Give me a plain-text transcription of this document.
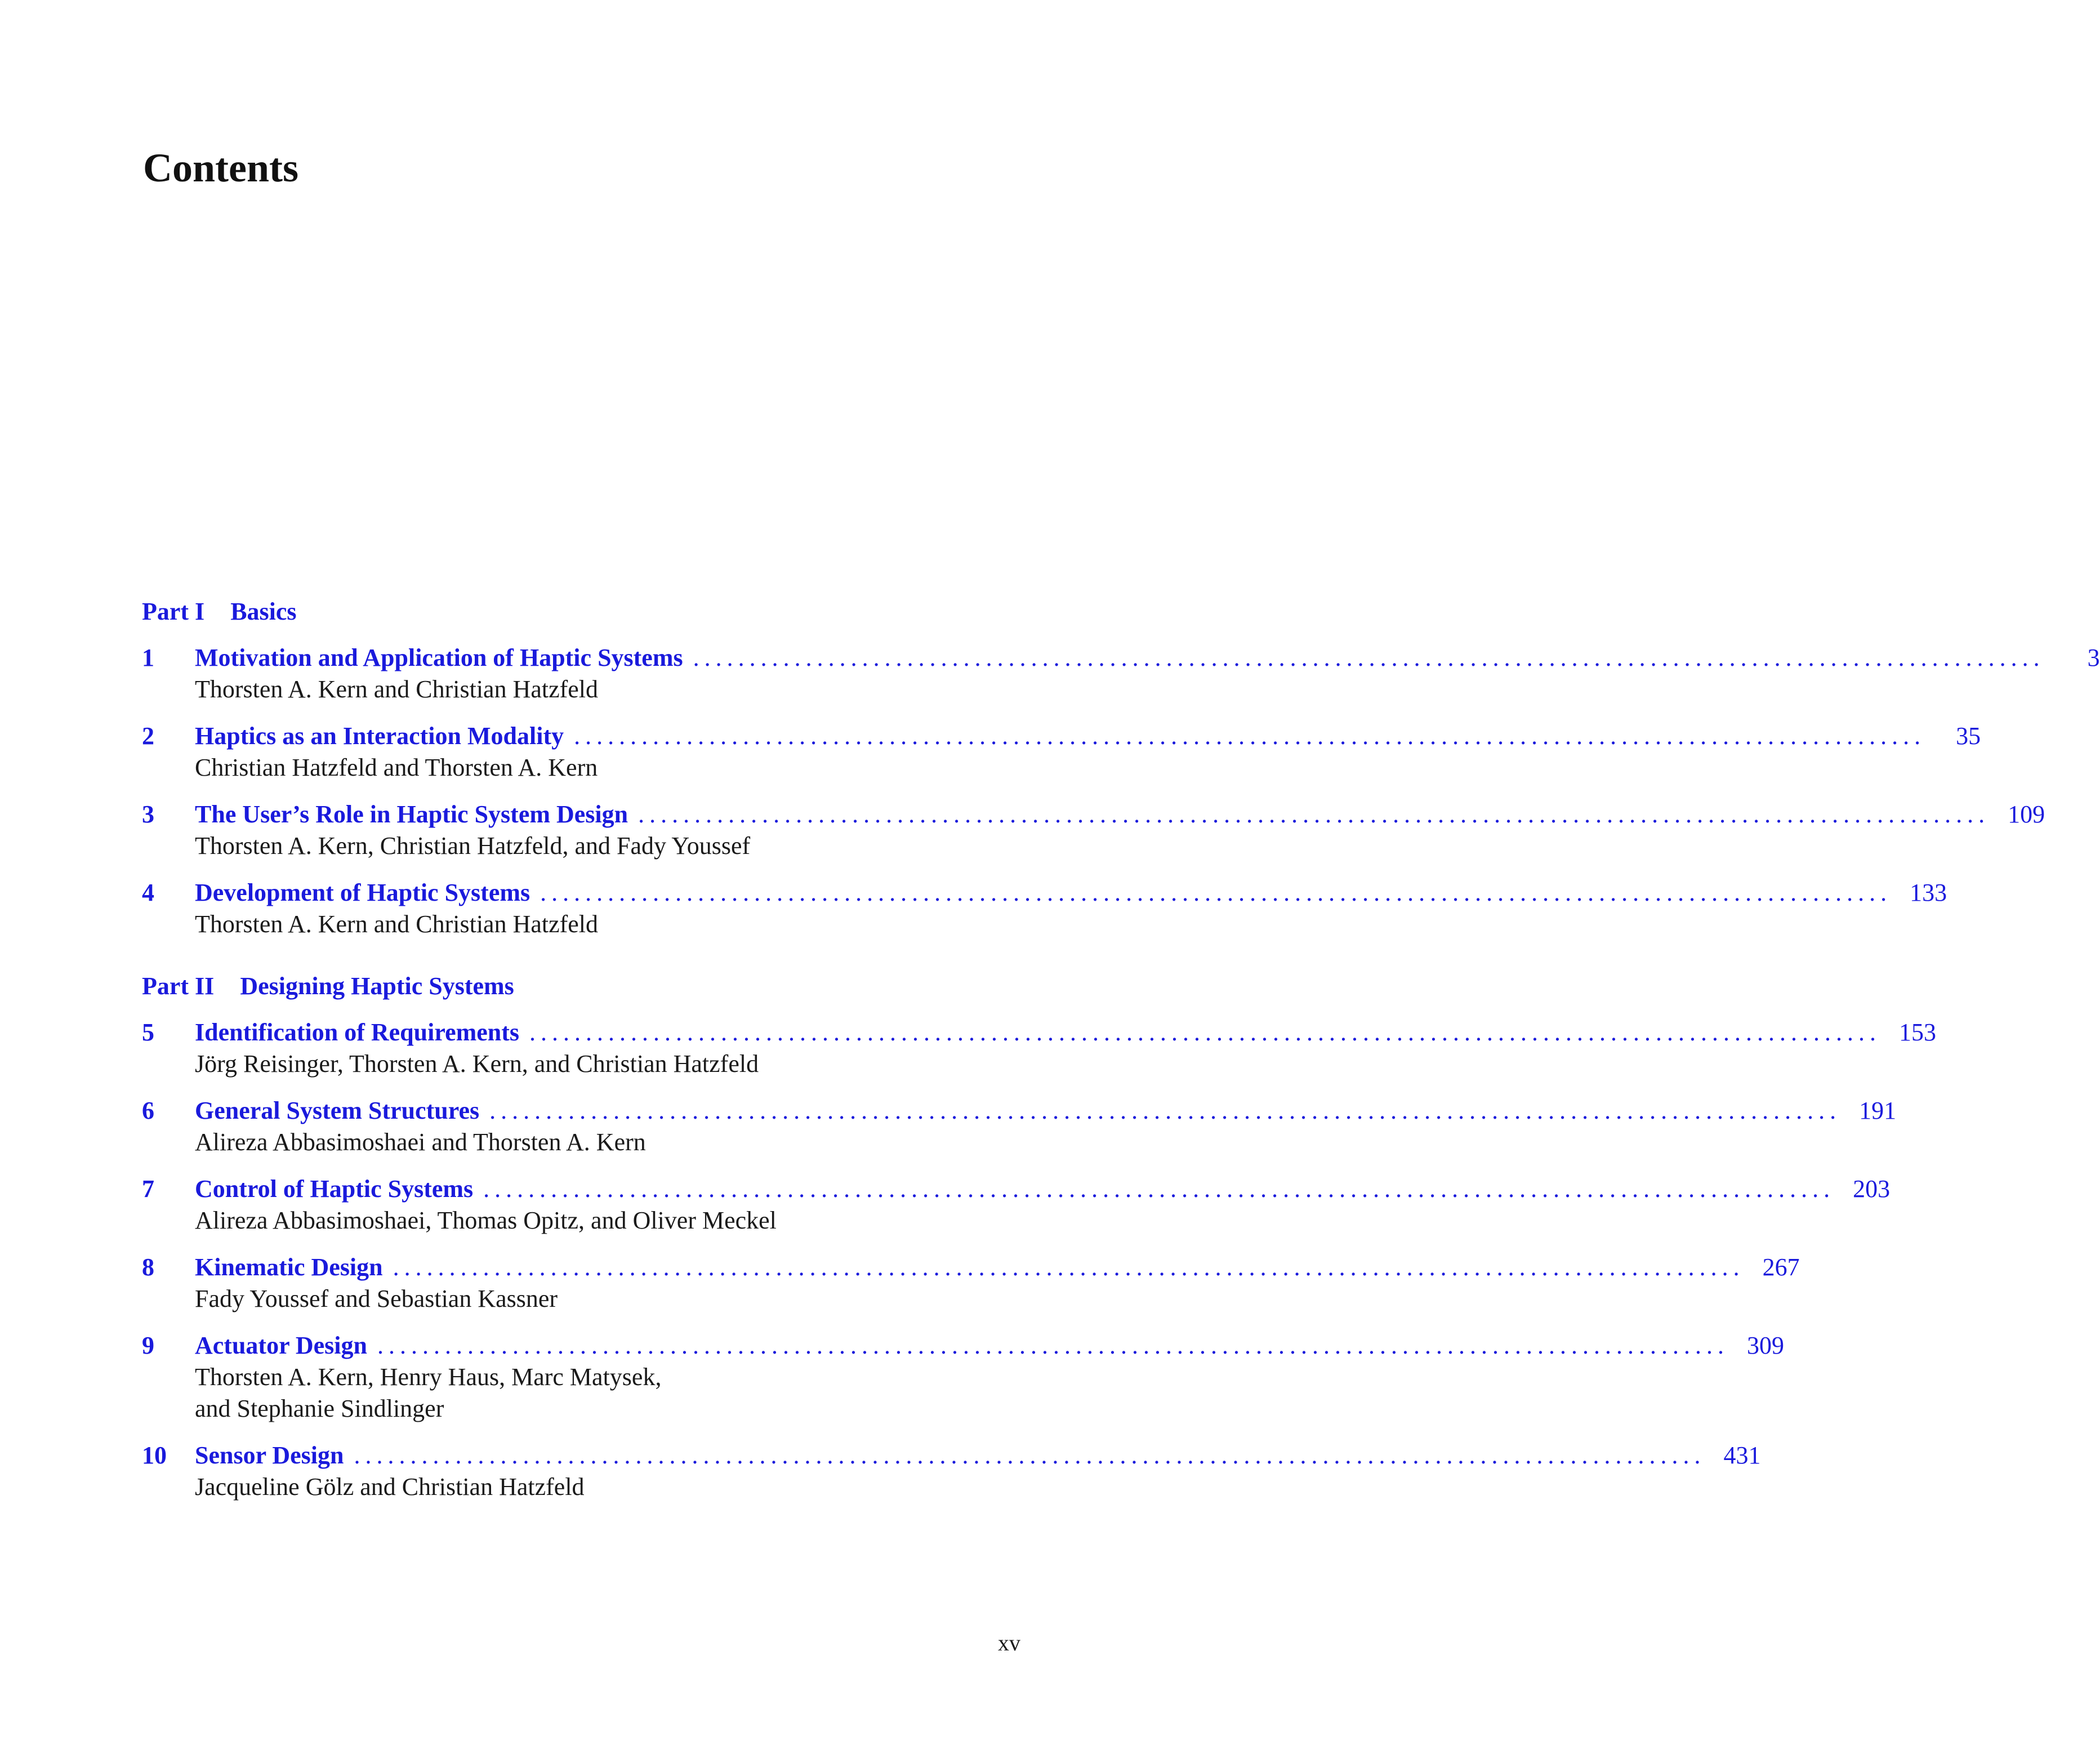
Contents
Part I Basics
1	Motivation and Application of Haptic Systems ........................................................................................................................	3
Thorsten A. Kern and Christian Hatzfeld
2	Haptics as an Interaction Modality ........................................................................................................................	35
Christian Hatzfeld and Thorsten A. Kern
3	The User’s Role in Haptic System Design ........................................................................................................................ 109
Thorsten A. Kern, Christian Hatzfeld, and Fady Youssef
4	Development of Haptic Systems ........................................................................................................................ 133
Thorsten A. Kern and Christian Hatzfeld
Part II Designing Haptic Systems
5	Identification of Requirements ........................................................................................................................ 153
Jörg Reisinger, Thorsten A. Kern, and Christian Hatzfeld
6	General System Structures ........................................................................................................................ 191
Alireza Abbasimoshaei and Thorsten A. Kern
7	Control of Haptic Systems ........................................................................................................................ 203
Alireza Abbasimoshaei, Thomas Opitz, and Oliver Meckel
8	Kinematic Design ........................................................................................................................ 267
Fady Youssef and Sebastian Kassner
9	Actuator Design ........................................................................................................................ 309
Thorsten A. Kern, Henry Haus, Marc Matysek,
and Stephanie Sindlinger
10	Sensor Design ........................................................................................................................ 431
Jacqueline Gölz and Christian Hatzfeld
xv
